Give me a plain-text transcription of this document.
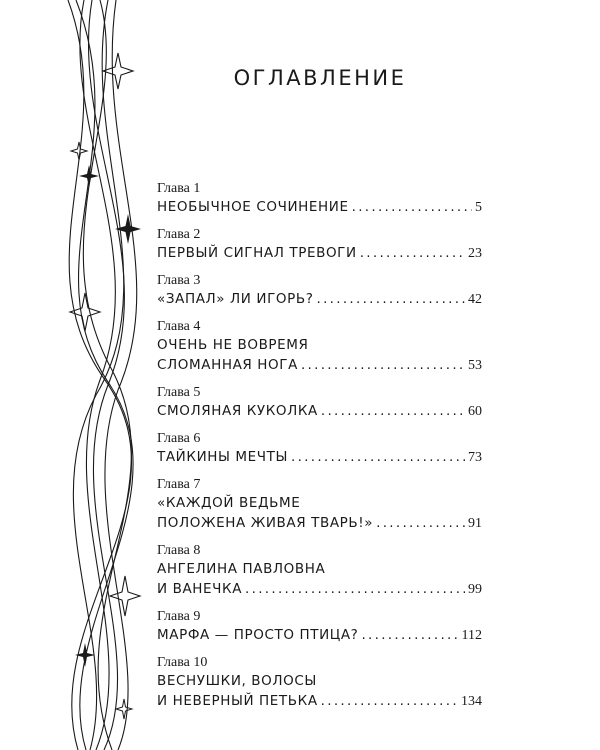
ОГЛАВЛЕНИЕ
Глава 1
НЕОБЫЧНОЕ СОЧИНЕНИЕ . . .	5
Глава 2
ПЕРВЫЙ СИГНАЛ ТРЕВОГИ . . .	23
Глава 3
«ЗАПАЛ» ЛИ ИГОРЬ? . . .	42
Глава 4
ОЧЕНЬ НЕ ВОВРЕМЯ
СЛОМАННАЯ НОГА . . .	53
Глава 5
СМОЛЯНАЯ КУКОЛКА . . .	60
Глава 6
ТАЙКИНЫ МЕЧТЫ . . .	73
Глава 7
«КАЖДОЙ ВЕДЬМЕ
ПОЛОЖЕНА ЖИВАЯ ТВАРЬ!» . . .	91
Глава 8
АНГЕЛИНА ПАВЛОВНА
И ВАНЕЧКА . . .	99
Глава 9
МАРФА — ПРОСТО ПТИЦА? . . .	112
Глава 10
ВЕСНУШКИ, ВОЛОСЫ
И НЕВЕРНЫЙ ПЕТЬКА . . .	134
